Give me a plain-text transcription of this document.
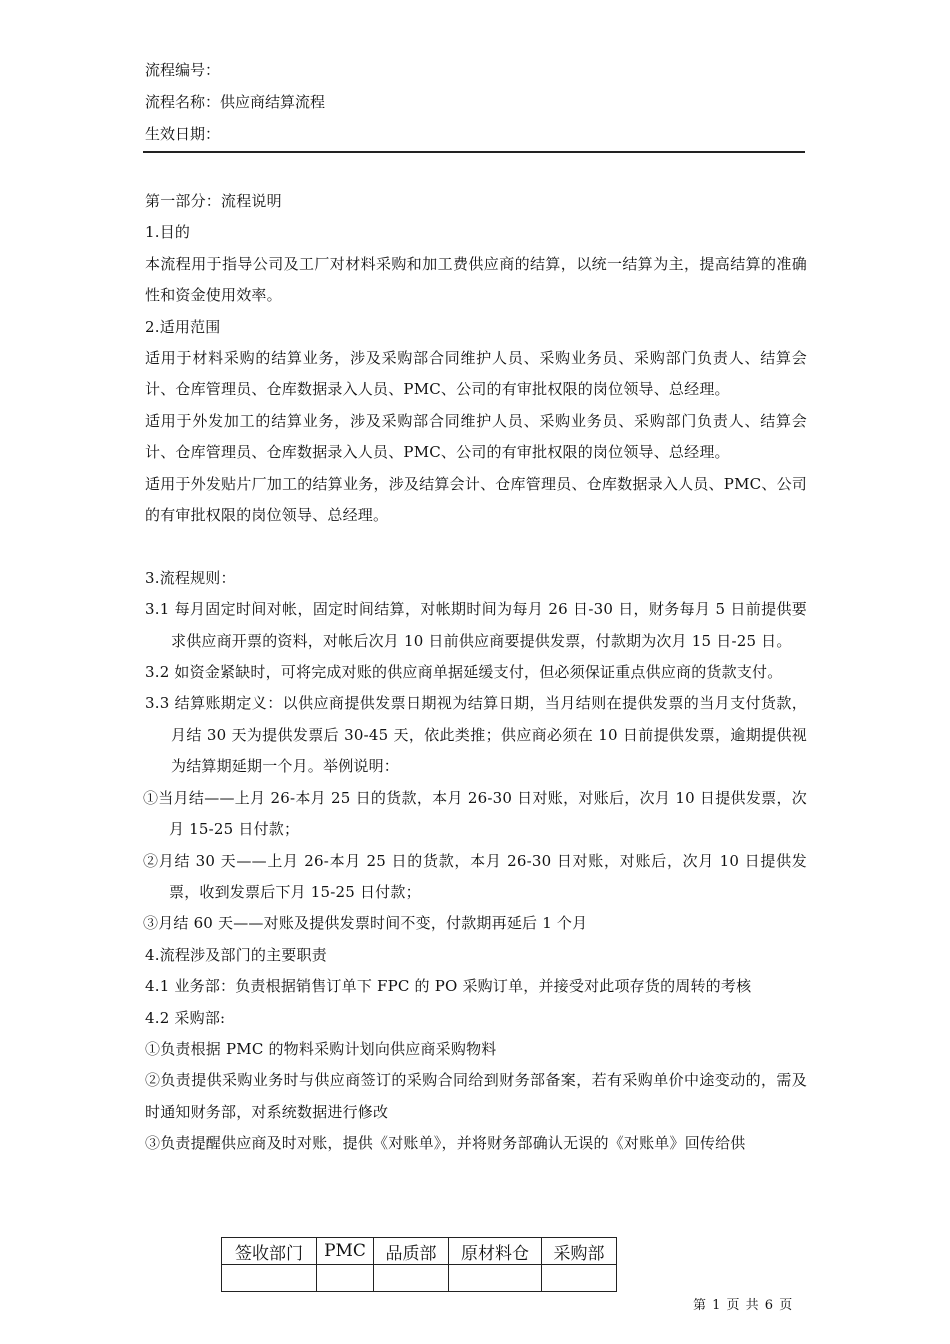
流程编号：
流程名称：供应商结算流程
生效日期：

第一部分：流程说明

1.目的

本流程用于指导公司及工厂对材料采购和加工费供应商的结算，以统一结算为主，提高结算的准确性和资金使用效率。

2.适用范围

适用于材料采购的结算业务，涉及采购部合同维护人员、采购业务员、采购部门负责人、结算会计、仓库管理员、仓库数据录入人员、PMC、公司的有审批权限的岗位领导、总经理。

适用于外发加工的结算业务，涉及采购部合同维护人员、采购业务员、采购部门负责人、结算会计、仓库管理员、仓库数据录入人员、PMC、公司的有审批权限的岗位领导、总经理。

适用于外发贴片厂加工的结算业务，涉及结算会计、仓库管理员、仓库数据录入人员、PMC、公司的有审批权限的岗位领导、总经理。

3.流程规则：

3.1 每月固定时间对帐，固定时间结算，对帐期时间为每月 26 日-30 日，财务每月 5 日前提供要求供应商开票的资料，对帐后次月 10 日前供应商要提供发票，付款期为次月 15 日-25 日。

3.2 如资金紧缺时，可将完成对账的供应商单据延缓支付，但必须保证重点供应商的货款支付。

3.3 结算账期定义：以供应商提供发票日期视为结算日期，当月结则在提供发票的当月支付货款，月结 30 天为提供发票后 30-45 天，依此类推；供应商必须在 10 日前提供发票，逾期提供视为结算期延期一个月。举例说明：

①当月结——上月 26-本月 25 日的货款，本月 26-30 日对账，对账后，次月 10 日提供发票，次月 15-25 日付款；

②月结 30 天——上月 26-本月 25 日的货款，本月 26-30 日对账，对账后，次月 10 日提供发票，收到发票后下月 15-25 日付款；

③月结 60 天——对账及提供发票时间不变，付款期再延后 1 个月

4.流程涉及部门的主要职责

4.1 业务部：负责根据销售订单下 FPC 的 PO 采购订单，并接受对此项存货的周转的考核

4.2 采购部:

①负责根据 PMC 的物料采购计划向供应商采购物料

②负责提供采购业务时与供应商签订的采购合同给到财务部备案，若有采购单价中途变动的，需及时通知财务部，对系统数据进行修改

③负责提醒供应商及时对账，提供《对账单》，并将财务部确认无误的《对账单》回传给供

签收部门	PMC	品质部	原材料仓	采购部

第 1 页 共 6 页
